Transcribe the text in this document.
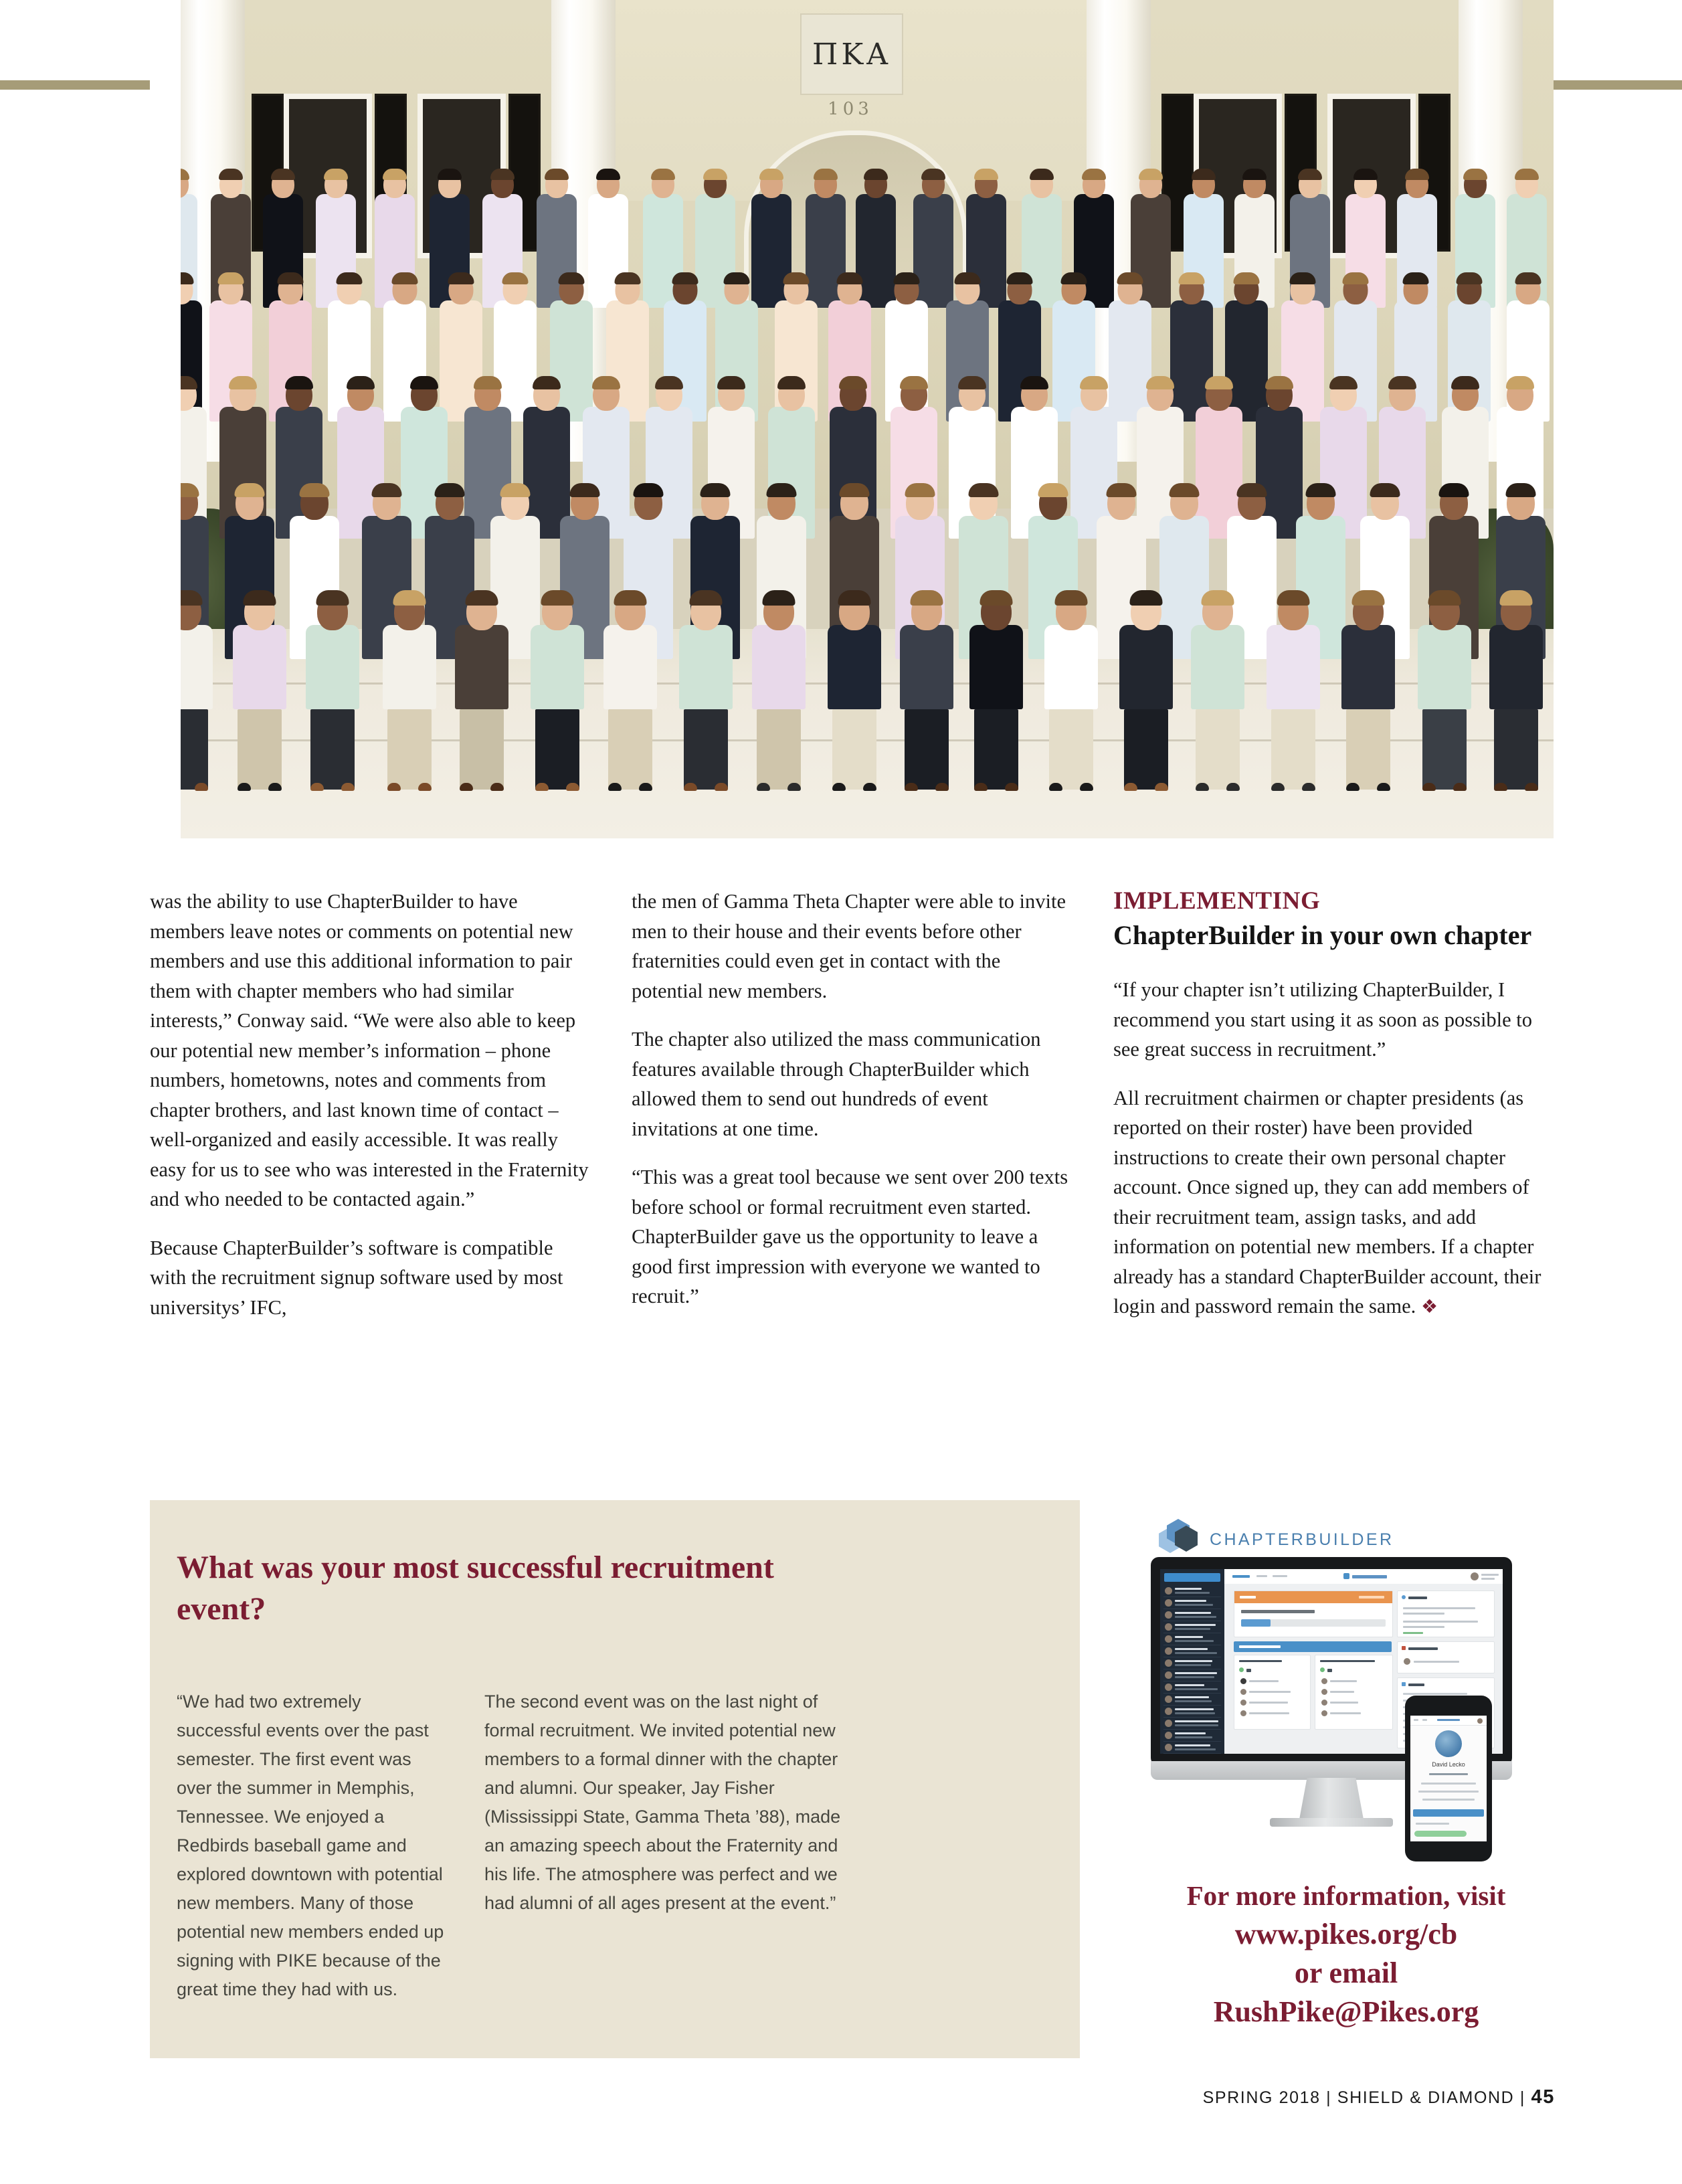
ΠΚΑ
103

was the ability to use ChapterBuilder to have members leave notes or comments on potential new members and use this additional information to pair them with chapter members who had similar interests,” Conway said. “We were also able to keep our potential new member’s information – phone numbers, hometowns, notes and comments from chapter brothers, and last known time of contact – well-organized and easily accessible. It was really easy for us to see who was interested in the Fraternity and who needed to be contacted again.”

Because ChapterBuilder’s software is compatible with the recruitment signup software used by most universitys’ IFC,

the men of Gamma Theta Chapter were able to invite men to their house and their events before other fraternities could even get in contact with the potential new members.

The chapter also utilized the mass communication features available through ChapterBuilder which allowed them to send out hundreds of event invitations at one time.

“This was a great tool because we sent over 200 texts before school or formal recruitment even started. ChapterBuilder gave us the opportunity to leave a good first impression with everyone we wanted to recruit.”

IMPLEMENTING
ChapterBuilder in your own chapter

“If your chapter isn’t utilizing ChapterBuilder, I recommend you start using it as soon as possible to see great success in recruitment.”

All recruitment chairmen or chapter presidents (as reported on their roster) have been provided instructions to create their own personal chapter account. Once signed up, they can add members of their recruitment team, assign tasks, and add information on potential new members. If a chapter already has a standard ChapterBuilder account, their login and password remain the same. ❖

What was your most successful recruitment event?

“We had two extremely successful events over the past semester. The first event was over the summer in Memphis, Tennessee. We enjoyed a Redbirds baseball game and explored downtown with potential new members. Many of those potential new members ended up signing with PIKE because of the great time they had with us.

The second event was on the last night of formal recruitment. We invited potential new members to a formal dinner with the chapter and alumni. Our speaker, Jay Fisher (Mississippi State, Gamma Theta ’88), made an amazing speech about the Fraternity and his life. The atmosphere was perfect and we had alumni of all ages present at the event.”

CHAPTERBUILDER
David Lecko
For more information, visit
www.pikes.org/cb
or email
RushPike@Pikes.org
SPRING 2018 | SHIELD & DIAMOND | 45
